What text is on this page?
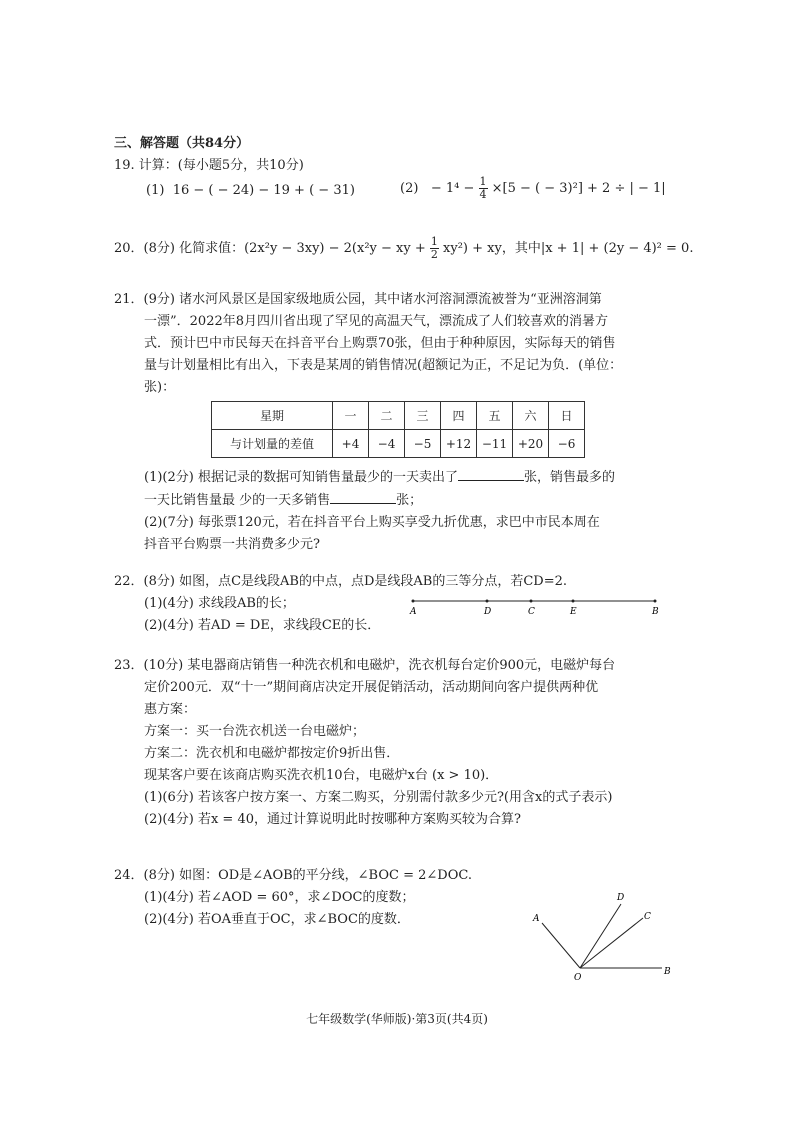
三、解答题（共84分）

19. 计算：(每小题5分，共10分)

(1) 16 − ( − 24) − 19 + ( − 31)	$(2) - 1^4 - \frac{1}{4} \times[5$ − ( − 3)²] + 2 ÷ | − 1|
20．(8分) 化简求值：(2x²y − 3xy) − 2(x²y − xy + $\frac{1}{2} xy^2$) + xy，其中|x + 1| + (2y − 4)² = 0.

21．(9分) 诸水河风景区是国家级地质公园，其中诸水河溶洞漂流被誉为“亚洲溶洞第

一漂”．2022年8月四川省出现了罕见的高温天气，漂流成了人们较喜欢的消暑方

式．预计巴中市民每天在抖音平台上购票70张，但由于种种原因，实际每天的销售

量与计划量相比有出入，下表是某周的销售情况(超额记为正，不足记为负．(单位：

张)：

星期	一	二	三	四	五	六	日
与计划量的差值	+4	−4	−5	+12	−11	+20	−6

(1)(2分) 根据记录的数据可知销售量最少的一天卖出了	张，销售最多的

一天比销售量最 少的一天多销售	张；

(2)(7分) 每张票120元，若在抖音平台上购买享受九折优惠，求巴中市民本周在

抖音平台购票一共消费多少元?

22．(8分) 如图，点C是线段AB的中点，点D是线段AB的三等分点，若CD=2.

(1)(4分) 求线段AB的长；

(2)(4分) 若AD = DE，求线段CE的长．

A	D	C	E	B

23．(10分) 某电器商店销售一种洗衣机和电磁炉，洗衣机每台定价900元，电磁炉每台

定价200元．双“十一”期间商店决定开展促销活动，活动期间向客户提供两种优

惠方案：

方案一：买一台洗衣机送一台电磁炉；

方案二：洗衣机和电磁炉都按定价9折出售．

现某客户要在该商店购买洗衣机10台，电磁炉x台 (x > 10)．

(1)(6分) 若该客户按方案一、方案二购买，分别需付款多少元?(用含x的式子表示)

(2)(4分) 若x = 40，通过计算说明此时按哪种方案购买较为合算?

24．(8分) 如图：OD是∠AOB的平分线，∠BOC = 2∠DOC.

(1)(4分) 若∠AOD = 60°，求∠DOC的度数；

(2)(4分) 若OA垂直于OC，求∠BOC的度数．	A
D
C
O
B
七年级数学(华师版)·第3页(共4页)
